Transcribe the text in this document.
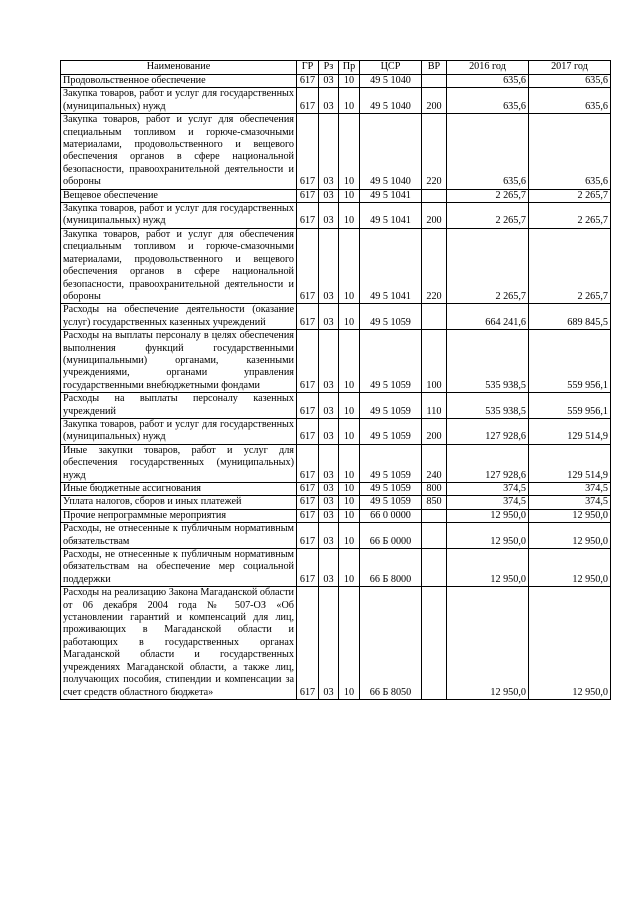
Наименование	ГР	Рз	Пр	ЦСР	ВР	2016 год	2017 год
Продовольственное обеспечение	617	03	10	49 5 1040		635,6	635,6
Закупка товаров, работ и услуг для государственных (муниципальных) нужд	617	03	10	49 5 1040	200	635,6	635,6
Закупка товаров, работ и услуг для обеспечения специальным топливом и горюче-смазочными материалами, продовольственного и вещевого обеспечения органов в сфере национальной безопасности, правоохранительной деятельности и обороны	617	03	10	49 5 1040	220	635,6	635,6
Вещевое обеспечение	617	03	10	49 5 1041		2 265,7	2 265,7
Закупка товаров, работ и услуг для государственных (муниципальных) нужд	617	03	10	49 5 1041	200	2 265,7	2 265,7
Закупка товаров, работ и услуг для обеспечения специальным топливом и горюче-смазочными материалами, продовольственного и вещевого обеспечения органов в сфере национальной безопасности, правоохранительной деятельности и обороны	617	03	10	49 5 1041	220	2 265,7	2 265,7
Расходы на обеспечение деятельности (оказание услуг) государственных казенных учреждений	617	03	10	49 5 1059		664 241,6	689 845,5
Расходы на выплаты персоналу в целях обеспечения выполнения функций государственными (муниципальными) органами, казенными учреждениями, органами управления государственными внебюджетными фондами	617	03	10	49 5 1059	100	535 938,5	559 956,1
Расходы на выплаты персоналу казенных учреждений	617	03	10	49 5 1059	110	535 938,5	559 956,1
Закупка товаров, работ и услуг для государственных (муниципальных) нужд	617	03	10	49 5 1059	200	127 928,6	129 514,9
Иные закупки товаров, работ и услуг для обеспечения государственных (муниципальных) нужд	617	03	10	49 5 1059	240	127 928,6	129 514,9
Иные бюджетные ассигнования	617	03	10	49 5 1059	800	374,5	374,5
Уплата налогов, сборов и иных платежей	617	03	10	49 5 1059	850	374,5	374,5
Прочие непрограммные мероприятия	617	03	10	66 0 0000		12 950,0	12 950,0
Расходы, не отнесенные к публичным нормативным обязательствам	617	03	10	66 Б 0000		12 950,0	12 950,0
Расходы, не отнесенные к публичным нормативным обязательствам на обеспечение мер социальной поддержки	617	03	10	66 Б 8000		12 950,0	12 950,0
Расходы на реализацию Закона Магаданской области от 06 декабря 2004 года № 507-ОЗ «Об установлении гарантий и компенсаций для лиц, проживающих в Магаданской области и работающих в государственных органах Магаданской области и государственных учреждениях Магаданской области, а также лиц, получающих пособия, стипендии и компенсации за счет средств областного бюджета»	617	03	10	66 Б 8050		12 950,0	12 950,0
